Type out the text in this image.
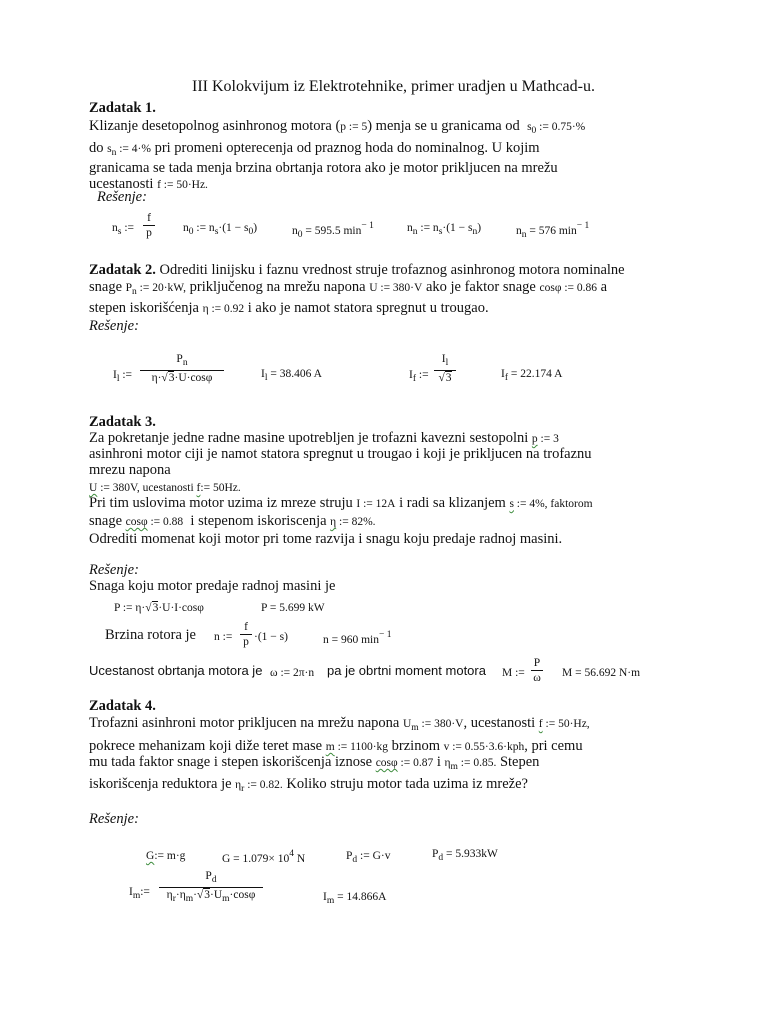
III Kolokvijum iz Elektrotehnike, primer uradjen u Mathcad-u.
Zadatak 1.
Klizanje desetopolnog asinhronog motora (p := 5) menja se u granicama od $s_0$ := 0.75·%
do $s_n$ := 4·% pri promeni opterecenja od praznog hoda do nominalnog. U kojim
granicama se tada menja brzina obrtanja rotora ako je motor prikljucen na mrežu
ucestanosti f := 50·Hz.
Rešenje:
$n_s$ := $\frac{f}{p} n_0$ := $n_s\cdot(1 - s_0)$	$n_0 = 595.5$ $\min^{- 1}$	$n_n$ := $n_s\cdot(1 - s_n)$	$n_n = 576$ $\min^{- 1}$
Zadatak 2. Odrediti linijsku i faznu vrednost struje trofaznog asinhronog motora nominalne
snage $P_n$ := 20·kW, priključenog na mrežu napona U := 380·V ako je faktor snage cosφ := 0.86 a
stepen iskorišćenja η := 0.92 i ako je namot statora spregnut u trougao.
Rešenje:
$I_l$ := $\frac{P_n}{\eta\cdot√3\cdot U\cdot\cos\varphi}$	$I_l = 38.406$ A	$I_f$ := $\frac{I_l}{√3}$	$I_f = 22.174$ A
Zadatak 3.
Za pokretanje jedne radne masine upotrebljen je trofazni kavezni sestopolni p := 3
asinhroni motor ciji je namot statora spregnut u trougao i koji je prikljucen na trofaznu
mrezu napona
U := 380V, ucestanosti f:= 50Hz.
Pri tim uslovima motor uzima iz mreze struju I := 12A i radi sa klizanjem s := 4%, faktorom
snage cosφ := 0.88 i stepenom iskoriscenja η := 82%.
Odrediti momenat koji motor pri tome razvija i snagu koju predaje radnoj masini.
Rešenje:
Snaga koju motor predaje radnoj masini je
P := η·√3·U·I·cosφ	P = 5.699 kW
Brzina rotora je n := $\frac{f}{p} \cdot(1 - s)$	n = 960 $\min^{- 1}$
Ucestanost obrtanja motora je ω := 2π·n pa je obrtni moment motora M := $\frac{P}{\omega}$ M = 56.692 N·m
Zadatak 4.
Trofazni asinhroni motor prikljucen na mrežu napona $U_m$ := 380·V, ucestanosti f := 50·Hz,
pokrece mehanizam koji diže teret mase m := 1100·kg brzinom v := 0.55·3.6·kph, pri cemu
mu tada faktor snage i stepen iskorišcenja iznose cosφ := 0.87 i $\eta_m$ := 0.85. Stepen
iskorišcenja reduktora je $\eta_r$ := 0.82. Koliko struju motor tada uzima iz mreže?
Rešenje:
G:= m·g	$G = 1.079\times 10^4$ N	$P_d$ := G·v	$P_d = 5.933kW$
$I_m:= \frac{P_d}{\eta_r\cdot\eta_m\cdot√3\cdot U_m\cdot\cos\varphi}$	$I_m = 14.866A$
